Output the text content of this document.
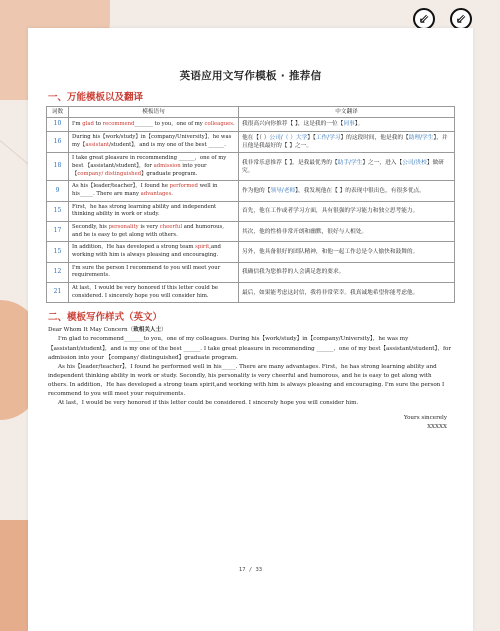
⇙	⇙
英语应用文写作模板 · 推荐信
一、万能模板以及翻译
词数	模板语句	中文翻译
10	I'm glad to recommend_______ to you，one of my colleagues.	我很高兴向你推荐【 】，这是我的一位【同事】。
16	During his【work/study】in【company/University】，he was my【assistant/student】，and is my one of the best ______.	他在【（ ）公司/（ ）大学】【工作/学习】的这段时间，他是我的【助理/学生】，并且他是我最好的【 】之一。
18	I take great pleasure in recommending ______，one of my best 【assistant/student】，for admission into your【company/ distinguished】graduate program.	我非常乐意推荐【 】，是我最优秀的【助手/学生】之一，进入【公司/贵校】做研究。
9	As his【leader/teacher】，I found he performed well in his_____. There are many advantages.	作为他的【领导/老师】，我发现他在【 】的表现中很出色，有很多优点。
15	First，he has strong learning ability and independent thinking ability in work or study.	首先，他在工作或者学习方面，具有很强的学习能力和独立思考能力。
17	Secondly, his personality is very cheerful and humorous, and he is easy to get along with others.	其次，他的性格非常开朗和幽默，很好与人相处。
15	In addition，He has developed a strong team spirit,and working with him is always pleasing and encouraging.	另外，他具备很好的团队精神，和他一起工作总是令人愉快和鼓舞的。
12	I'm sure the person I recommend to you will meet your requirements.	我确信我为您推荐的人会满足您的要求。
21	At last，I would be very honored if this letter could be considered. I sincerely hope you will consider him.	最后，如果能考虑这封信，我将非常荣幸。我真诚地希望你能考虑他。
二、模板写作样式（英文）

Dear Whom It May Concern（致相关人士）

I'm glad to recommend_______to you，one of my colleagues. During his【work/study】in【company/University】，he was my【assistant/student】，and is my one of the best ______. I take great pleasure in recommending ______，one of my best【assistant/student】，for admission into your 【company/ distinguished】graduate program.

As his【leader/teacher】，I found he performed well in his_____. There are many advantages. First，he has strong learning ability and independent thinking ability in work or study. Secondly, his personality is very cheerful and humorous, and he is easy to get along with others. In addition，He has developed a strong team spirit,and working with him is always pleasing and encouraging. I'm sure the person I recommend to you will meet your requirements.

At last，I would be very honored if this letter could be considered. I sincerely hope you will consider him.

Yours sincerely
XXXXX
17 / 33
